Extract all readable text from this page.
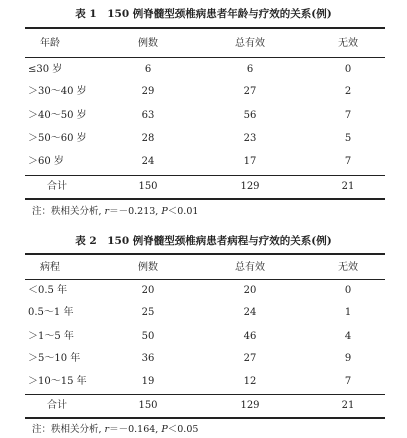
表 1　150 例脊髓型颈椎病患者年龄与疗效的关系(例)
年龄	例数	总有效	无效
≤30 岁	6	6	0
＞30～40 岁	29	27	2
＞40～50 岁	63	56	7
＞50～60 岁	28	23	5
＞60 岁	24	17	7
合计	150	129	21
注：秩相关分析, r＝－0.213, P＜0.01
表 2　150 例脊髓型颈椎病患者病程与疗效的关系(例)
病程	例数	总有效	无效
＜0.5 年	20	20	0
0.5～1 年	25	24	1
＞1～5 年	50	46	4
＞5～10 年	36	27	9
＞10～15 年	19	12	7
合计	150	129	21
注：秩相关分析, r＝－0.164, P＜0.05
